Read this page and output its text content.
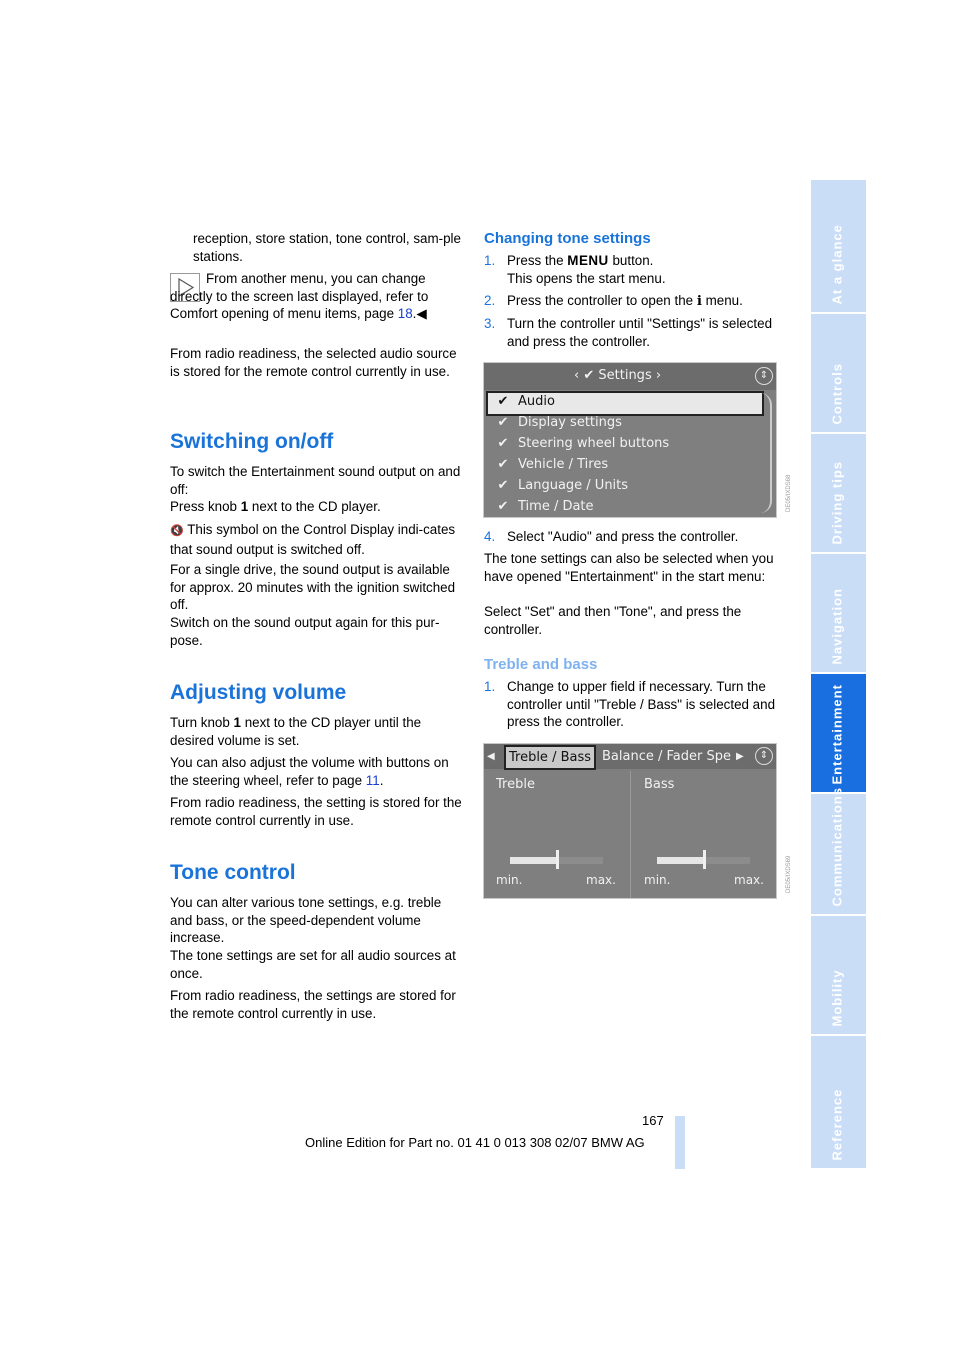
reception, store station, tone control, sam-ple stations.
From another menu, you can change directly to the screen last displayed, refer to Comfort opening of menu items, page 18.◀
From radio readiness, the selected audio source is stored for the remote control currently in use.
Switching on/off
To switch the Entertainment sound output on and off:
Press knob 1 next to the CD player.
🔇 This symbol on the Control Display indi-cates that sound output is switched off.
For a single drive, the sound output is available for approx. 20 minutes with the ignition switched off.
Switch on the sound output again for this pur-pose.
Adjusting volume
Turn knob 1 next to the CD player until the desired volume is set.
You can also adjust the volume with buttons on the steering wheel, refer to page 11.
From radio readiness, the setting is stored for the remote control currently in use.
Tone control
You can alter various tone settings, e.g. treble and bass, or the speed-dependent volume increase.
The tone settings are set for all audio sources at once.
From radio readiness, the settings are stored for the remote control currently in use.
Changing tone settings
1. Press the MENU button.
This opens the start menu.
2. Press the controller to open the i menu.
3. Turn the controller until "Settings" is selected and press the controller.
‹ ✔ Settings ›	⇕
✔ Audio
✔ Display settings
✔ Steering wheel buttons
✔ Vehicle / Tires
✔ Language / Units
✔ Time / Date	DE05/IXDS68
4. Select "Audio" and press the controller.
The tone settings can also be selected when you have opened "Entertainment" in the start menu:
Select "Set" and then "Tone", and press the controller.
Treble and bass
1. Change to upper field if necessary. Turn the controller until "Treble / Bass" is selected and press the controller.
◀	Treble / Bass Balance / Fader Spe ▶	⇕
Treble	Bass
min.	max. min.	max.	DE05/IXDS69
167
Online Edition for Part no. 01 41 0 013 308 02/07 BMW AG
At a glance
Controls
Driving tips
Navigation
Entertainment
Communications
Mobility
Reference
